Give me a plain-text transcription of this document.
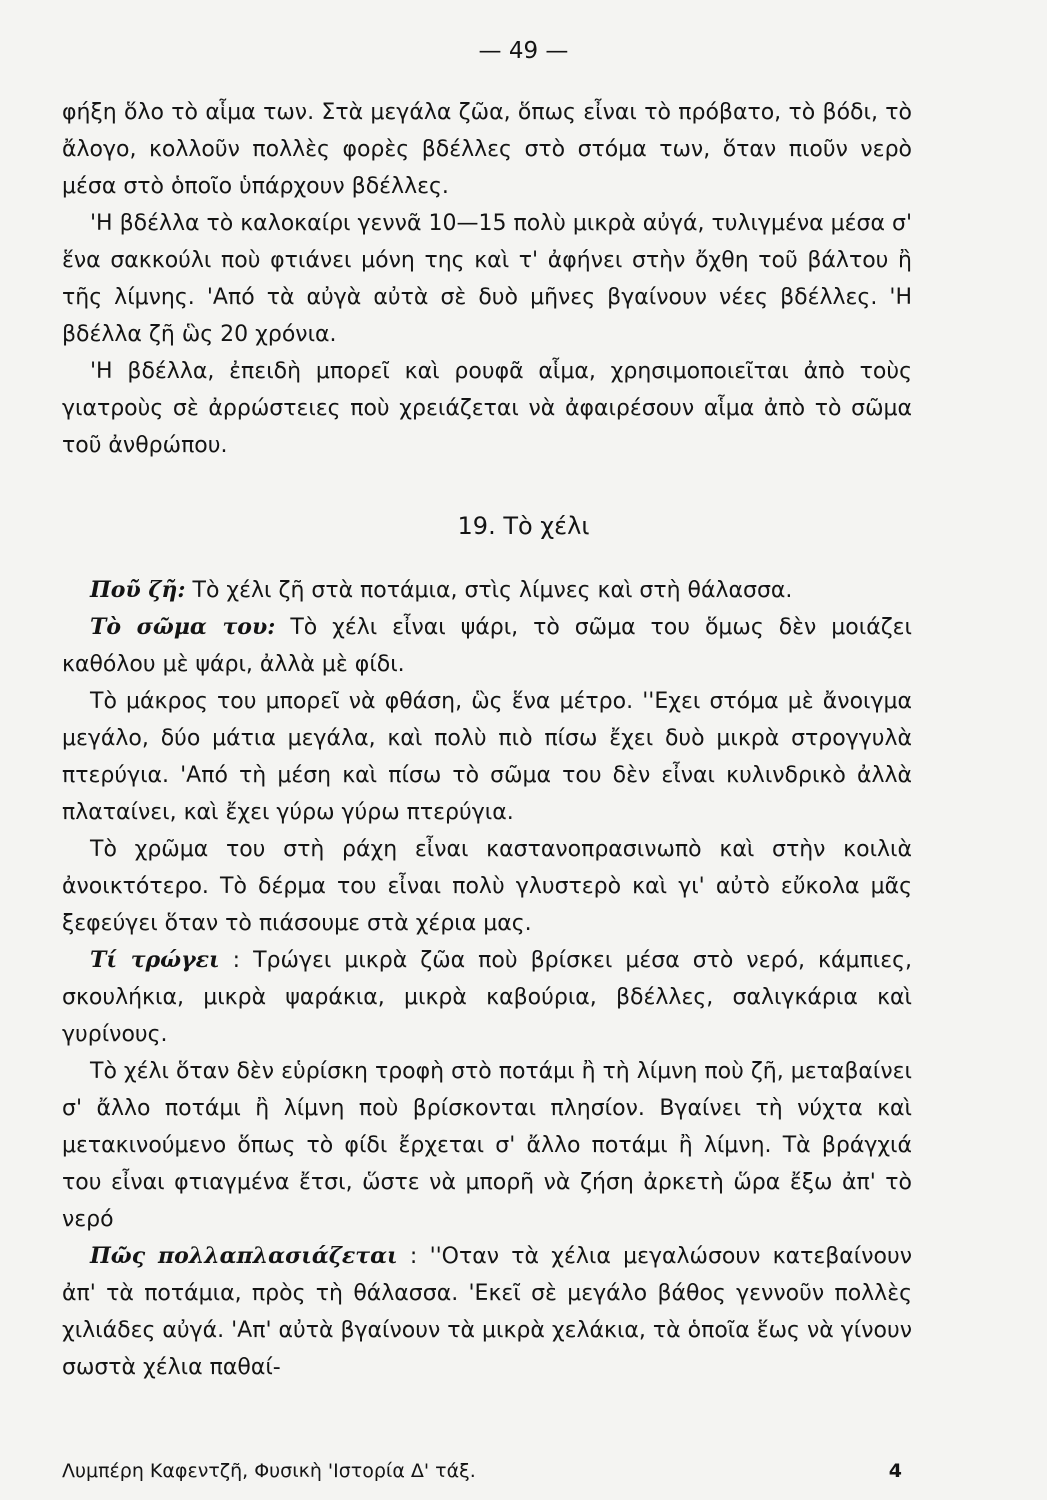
— 49 —

φήξη ὅλο τὸ αἷμα των. Στὰ μεγάλα ζῶα, ὅπως εἶναι τὸ πρόβατο, τὸ βόδι, τὸ ἄλογο, κολλοῦν πολλὲς φορὲς βδέλλες στὸ στόμα των, ὅταν πιοῦν νερὸ μέσα στὸ ὁποῖο ὑπάρχουν βδέλλες.

'Η βδέλλα τὸ καλοκαίρι γεννᾶ 10—15 πολὺ μικρὰ αὐγά, τυλιγμένα μέσα σ' ἕνα σακκούλι ποὺ φτιάνει μόνη της καὶ τ' ἀφήνει στὴν ὄχθη τοῦ βάλτου ἢ τῆς λίμνης. 'Από τὰ αὐγὰ αὐτὰ σὲ δυὸ μῆνες βγαίνουν νέες βδέλλες. 'Η βδέλλα ζῆ ὣς 20 χρόνια.

'Η βδέλλα, ἐπειδὴ μπορεῖ καὶ ρουφᾶ αἷμα, χρησιμοποιεῖται ἀπὸ τοὺς γιατροὺς σὲ ἀρρώστειες ποὺ χρειάζεται νὰ ἀφαιρέσουν αἷμα ἀπὸ τὸ σῶμα τοῦ ἀνθρώπου.

19. Τὸ χέλι

Ποῦ ζῆ: Τὸ χέλι ζῆ στὰ ποτάμια, στὶς λίμνες καὶ στὴ θάλασσα.

Τὸ σῶμα του: Τὸ χέλι εἶναι ψάρι, τὸ σῶμα του ὅμως δὲν μοιάζει καθόλου μὲ ψάρι, ἀλλὰ μὲ φίδι.

Τὸ μάκρος του μπορεῖ νὰ φθάση, ὣς ἕνα μέτρο. ''Εχει στόμα μὲ ἄνοιγμα μεγάλο, δύο μάτια μεγάλα, καὶ πολὺ πιὸ πίσω ἔχει δυὸ μικρὰ στρογγυλὰ πτερύγια. 'Από τὴ μέση καὶ πίσω τὸ σῶμα του δὲν εἶναι κυλινδρικὸ ἀλλὰ πλαταίνει, καὶ ἔχει γύρω γύρω πτερύγια.

Τὸ χρῶμα του στὴ ράχη εἶναι καστανοπρασινωπὸ καὶ στὴν κοιλιὰ ἀνοικτότερο. Τὸ δέρμα του εἶναι πολὺ γλυστερὸ καὶ γι' αὐτὸ εὔκολα μᾶς ξεφεύγει ὅταν τὸ πιάσουμε στὰ χέρια μας.

Τί τρώγει : Τρώγει μικρὰ ζῶα ποὺ βρίσκει μέσα στὸ νερό, κάμπιες, σκουλήκια, μικρὰ ψαράκια, μικρὰ καβούρια, βδέλλες, σαλιγκάρια καὶ γυρίνους.

Τὸ χέλι ὅταν δὲν εὑρίσκη τροφὴ στὸ ποτάμι ἢ τὴ λίμνη ποὺ ζῆ, μεταβαίνει σ' ἄλλο ποτάμι ἢ λίμνη ποὺ βρίσκονται πλησίον. Βγαίνει τὴ νύχτα καὶ μετακινούμενο ὅπως τὸ φίδι ἔρχεται σ' ἄλλο ποτάμι ἢ λίμνη. Τὰ βράγχιά του εἶναι φτιαγμένα ἔτσι, ὥστε νὰ μπορῆ νὰ ζήση ἀρκετὴ ὥρα ἔξω ἀπ' τὸ νερό

Πῶς πολλαπλασιάζεται : ''Οταν τὰ χέλια μεγαλώσουν κατεβαίνουν ἀπ' τὰ ποτάμια, πρὸς τὴ θάλασσα. 'Εκεῖ σὲ μεγάλο βάθος γεννοῦν πολλὲς χιλιάδες αὐγά. 'Απ' αὐτὰ βγαίνουν τὰ μικρὰ χελάκια, τὰ ὁποῖα ἕως νὰ γίνουν σωστὰ χέλια παθαί-

Λυμπέρη Καφεντζῆ, Φυσικὴ 'Ιστορία Δ' τάξ.	4
